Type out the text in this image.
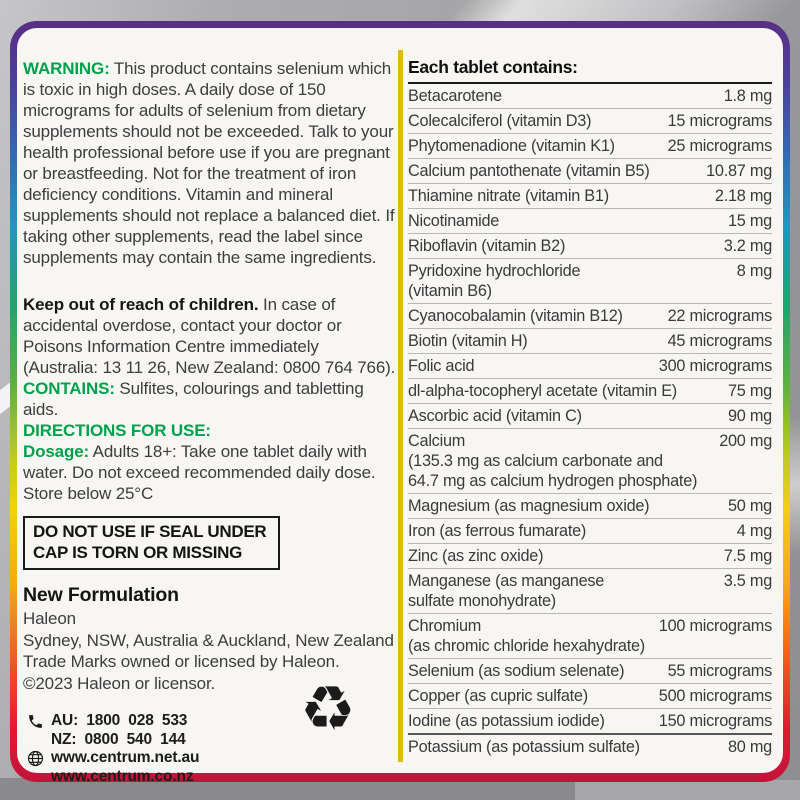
WARNING: This product contains selenium which is toxic in high doses. A daily dose of 150 micrograms for adults of selenium from dietary supplements should not be exceeded. Talk to your health professional before use if you are pregnant or breastfeeding. Not for the treatment of iron deficiency conditions. Vitamin and mineral supplements should not replace a balanced diet. If taking other supplements, read the label since supplements may contain the same ingredients.

Keep out of reach of children. In case of accidental overdose, contact your doctor or Poisons Information Centre immediately (Australia: 13 11 26, New Zealand: 0800 764 766).

CONTAINS: Sulfites, colourings and tabletting aids.

DIRECTIONS FOR USE:

Dosage: Adults 18+: Take one tablet daily with water. Do not exceed recommended daily dose.

Store below 25°C

DO NOT USE IF SEAL UNDER
CAP IS TORN OR MISSING

New Formulation

Haleon

Sydney, NSW, Australia & Auckland, New Zealand

Trade Marks owned or licensed by Haleon.

©2023 Haleon or licensor.

AU: 1800 028 533
NZ: 0800 540 144
www.centrum.net.au
www.centrum.co.nz
♻
Each tablet contains:
Betacarotene	1.8 mg
Colecalciferol (vitamin D3)	15 micrograms
Phytomenadione (vitamin K1)	25 micrograms
Calcium pantothenate (vitamin B5)	10.87 mg
Thiamine nitrate (vitamin B1)	2.18 mg
Nicotinamide	15 mg
Riboflavin (vitamin B2)	3.2 mg
Pyridoxine hydrochloride	8 mg
(vitamin B6)
Cyanocobalamin (vitamin B12)	22 micrograms
Biotin (vitamin H)	45 micrograms
Folic acid	300 micrograms
dl-alpha-tocopheryl acetate (vitamin E)	75 mg
Ascorbic acid (vitamin C)	90 mg
Calcium	200 mg
(135.3 mg as calcium carbonate and
64.7 mg as calcium hydrogen phosphate)
Magnesium (as magnesium oxide)	50 mg
Iron (as ferrous fumarate)	4 mg
Zinc (as zinc oxide)	7.5 mg
Manganese (as manganese	3.5 mg
sulfate monohydrate)
Chromium	100 micrograms
(as chromic chloride hexahydrate)
Selenium (as sodium selenate)	55 micrograms
Copper (as cupric sulfate)	500 micrograms
Iodine (as potassium iodide)	150 micrograms
Potassium (as potassium sulfate)	80 mg
